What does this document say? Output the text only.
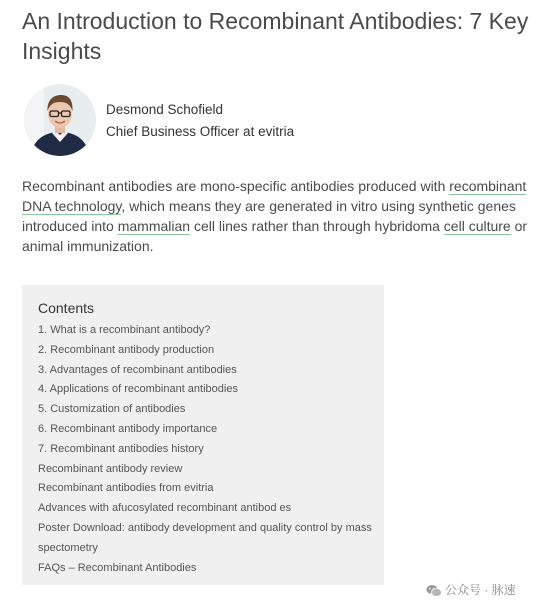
An Introduction to Recombinant Antibodies: 7 Key Insights
Desmond Schofield
Chief Business Officer at evitria

Recombinant antibodies are mono-specific antibodies produced with recombinant DNA technology, which means they are generated in vitro using synthetic genes introduced into mammalian cell lines rather than through hybridoma cell culture or animal immunization.

Contents
1. What is a recombinant antibody?
2. Recombinant antibody production
3. Advantages of recombinant antibodies
4. Applications of recombinant antibodies
5. Customization of antibodies
6. Recombinant antibody importance
7. Recombinant antibodies history
Recombinant antibody review
Recombinant antibodies from evitria
Advances with afucosylated recombinant antibod es
Poster Download: antibody development and quality control by mass spectometry
FAQs – Recombinant Antibodies
公众号 · 脉速
